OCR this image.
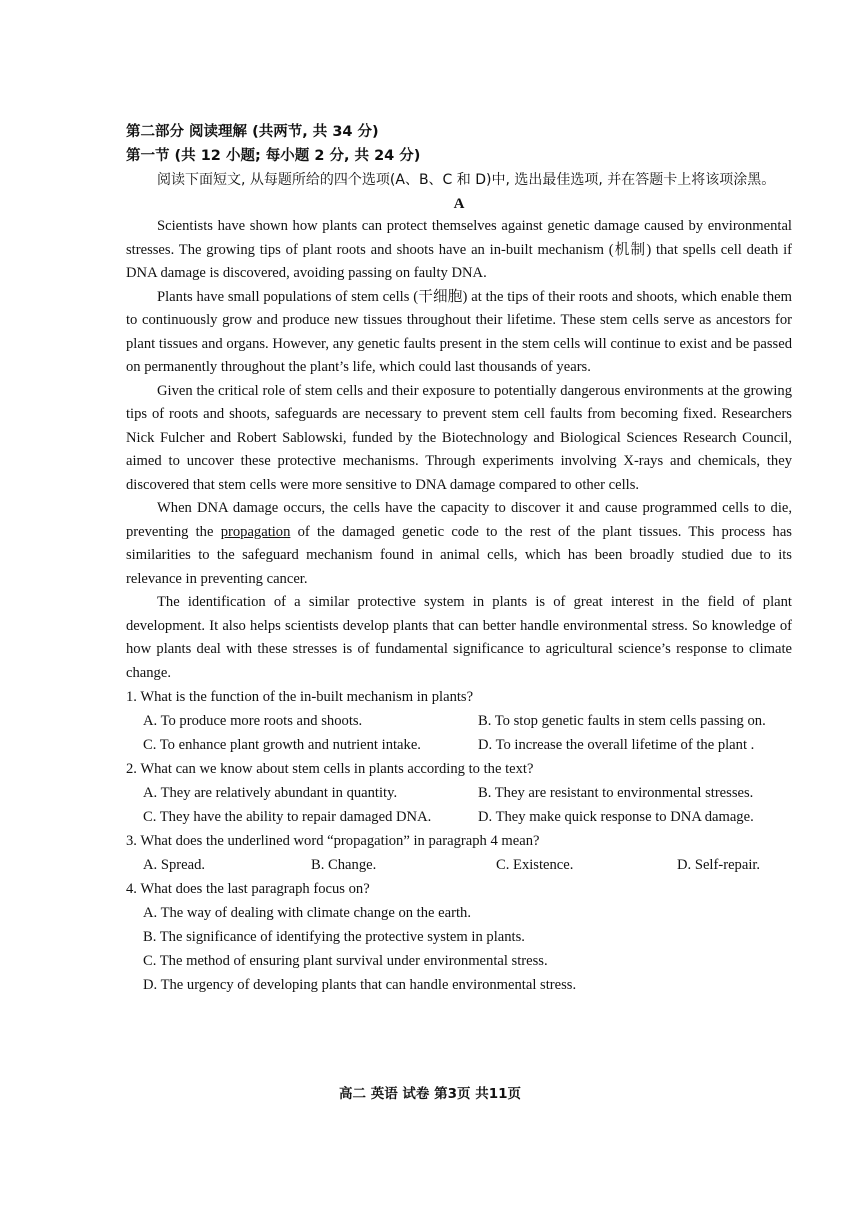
第二部分 阅读理解 (共两节, 共 34 分)
第一节 (共 12 小题; 每小题 2 分, 共 24 分)

阅读下面短文, 从每题所给的四个选项(A、B、C 和 D)中, 选出最佳选项, 并在答题卡上将该项涂黑。

A

Scientists have shown how plants can protect themselves against genetic damage caused by environmental stresses. The growing tips of plant roots and shoots have an in-built mechanism (机制) that spells cell death if DNA damage is discovered, avoiding passing on faulty DNA.

Plants have small populations of stem cells (干细胞) at the tips of their roots and shoots, which enable them to continuously grow and produce new tissues throughout their lifetime. These stem cells serve as ancestors for plant tissues and organs. However, any genetic faults present in the stem cells will continue to exist and be passed on permanently throughout the plant’s life, which could last thousands of years.

Given the critical role of stem cells and their exposure to potentially dangerous environments at the growing tips of roots and shoots, safeguards are necessary to prevent stem cell faults from becoming fixed. Researchers Nick Fulcher and Robert Sablowski, funded by the Biotechnology and Biological Sciences Research Council, aimed to uncover these protective mechanisms. Through experiments involving X-rays and chemicals, they discovered that stem cells were more sensitive to DNA damage compared to other cells.

When DNA damage occurs, the cells have the capacity to discover it and cause programmed cells to die, preventing the propagation of the damaged genetic code to the rest of the plant tissues. This process has similarities to the safeguard mechanism found in animal cells, which has been broadly studied due to its relevance in preventing cancer.

The identification of a similar protective system in plants is of great interest in the field of plant development. It also helps scientists develop plants that can better handle environmental stress. So knowledge of how plants deal with these stresses is of fundamental significance to agricultural science’s response to climate change.

1. What is the function of the in-built mechanism in plants?

A. To produce more roots and shoots.	B. To stop genetic faults in stem cells passing on.
C. To enhance plant growth and nutrient intake.	D. To increase the overall lifetime of the plant .

2. What can we know about stem cells in plants according to the text?

A. They are relatively abundant in quantity.	B. They are resistant to environmental stresses.
C. They have the ability to repair damaged DNA.	D. They make quick response to DNA damage.

3. What does the underlined word “propagation” in paragraph 4 mean?

A. Spread.	B. Change.	C. Existence.	D. Self-repair.

4. What does the last paragraph focus on?

A. The way of dealing with climate change on the earth.
B. The significance of identifying the protective system in plants.
C. The method of ensuring plant survival under environmental stress.
D. The urgency of developing plants that can handle environmental stress.
高二 英语 试卷 第3页 共11页
